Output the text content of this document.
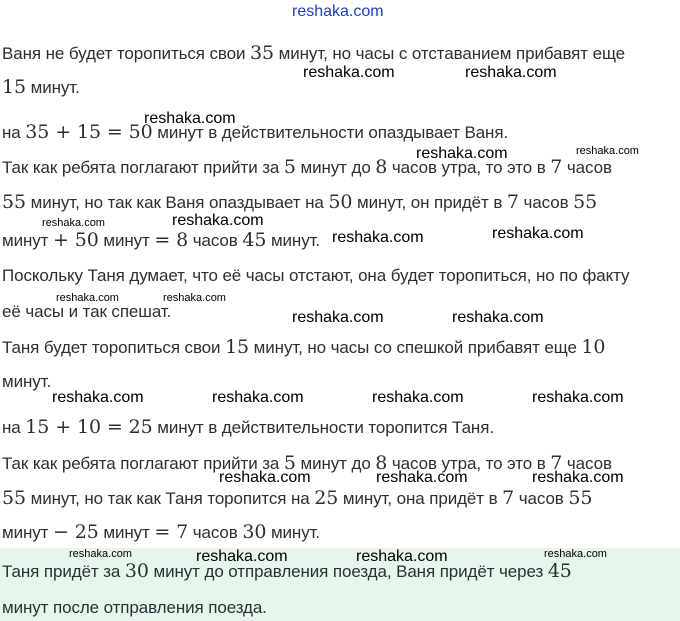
Ваня не будет торопиться свои 35 минут, но часы с отставанием прибавят еще
15 минут.
на 35 + 15 = 50 минут в действительности опаздывает Ваня.
Так как ребята поглагают прийти за 5 минут до 8 часов утра, то это в 7 часов
55 минут, но так как Ваня опаздывает на 50 минут, он придёт в 7 часов 55
минут + 50 минут = 8 часов 45 минут.
Поскольку Таня думает, что её часы отстают, она будет торопиться, но по факту
её часы и так спешат.
Таня будет торопиться свои 15 минут, но часы со спешкой прибавят еще 10
минут.
на 15 + 10 = 25 минут в действительности торопится Таня.
Так как ребята поглагают прийти за 5 минут до 8 часов утра, то это в 7 часов
55 минут, но так как Таня торопится на 25 минут, она придёт в 7 часов 55
минут − 25 минут = 7 часов 30 минут.
Таня придёт за 30 минут до отправления поезда, Ваня придёт через 45
минут после отправления поезда.
reshaka.com
reshaka.com	reshaka.com
reshaka.com
reshaka.com	reshaka.com
reshaka.com	reshaka.com
reshaka.com	reshaka.com
reshaka.com	reshaka.com
reshaka.com	reshaka.com
reshaka.com	reshaka.com	reshaka.com	reshaka.com
reshaka.com	reshaka.com	reshaka.com
reshaka.com	reshaka.com	reshaka.com	reshaka.com
